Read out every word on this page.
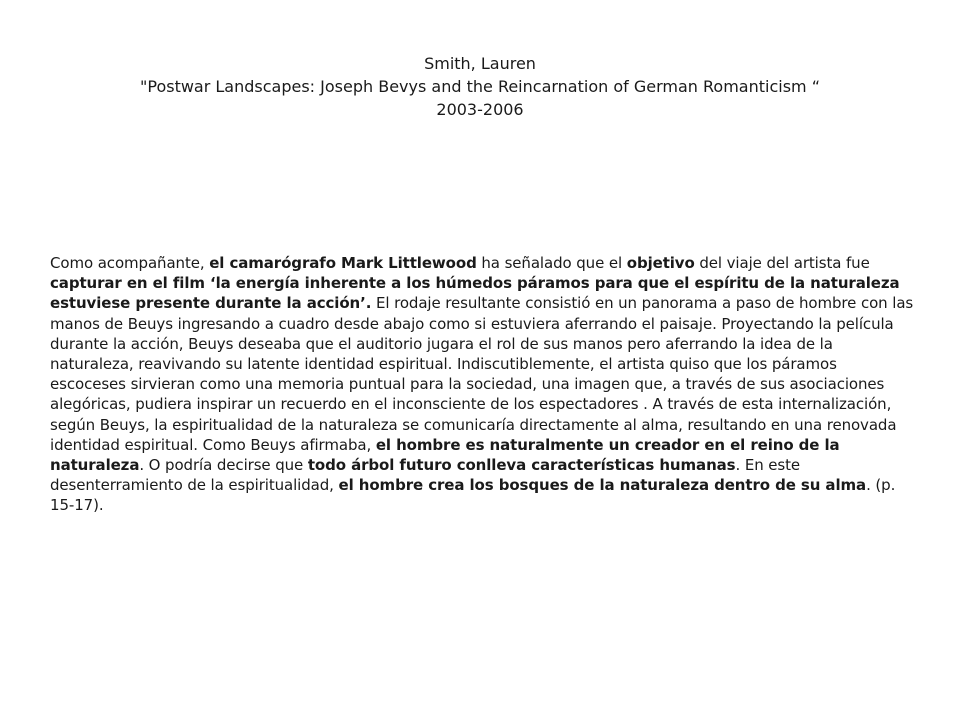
Smith, Lauren
"Postwar Landscapes: Joseph Bevys and the Reincarnation of German Romanticism “
2003-2006
Como acompañante, el camarógrafo Mark Littlewood ha señalado que el objetivo del viaje del artista fue capturar en el film ‘la energía inherente a los húmedos páramos para que el espíritu de la naturaleza estuviese presente durante la acción’. El rodaje resultante consistió en un panorama a paso de hombre con las manos de Beuys ingresando a cuadro desde abajo como si estuviera aferrando el paisaje. Proyectando la película durante la acción, Beuys deseaba que el auditorio jugara el rol de sus manos pero aferrando la idea de la naturaleza, reavivando su latente identidad espiritual. Indiscutiblemente, el artista quiso que los páramos escoceses sirvieran como una memoria puntual para la sociedad, una imagen que, a través de sus asociaciones alegóricas, pudiera inspirar un recuerdo en el inconsciente de los espectadores . A través de esta internalización, según Beuys, la espiritualidad de la naturaleza se comunicaría directamente al alma, resultando en una renovada identidad espiritual. Como Beuys afirmaba, el hombre es naturalmente un creador en el reino de la naturaleza. O podría decirse que todo árbol futuro conlleva características humanas. En este desenterramiento de la espiritualidad, el hombre crea los bosques de la naturaleza dentro de su alma. (p. 15-17).
